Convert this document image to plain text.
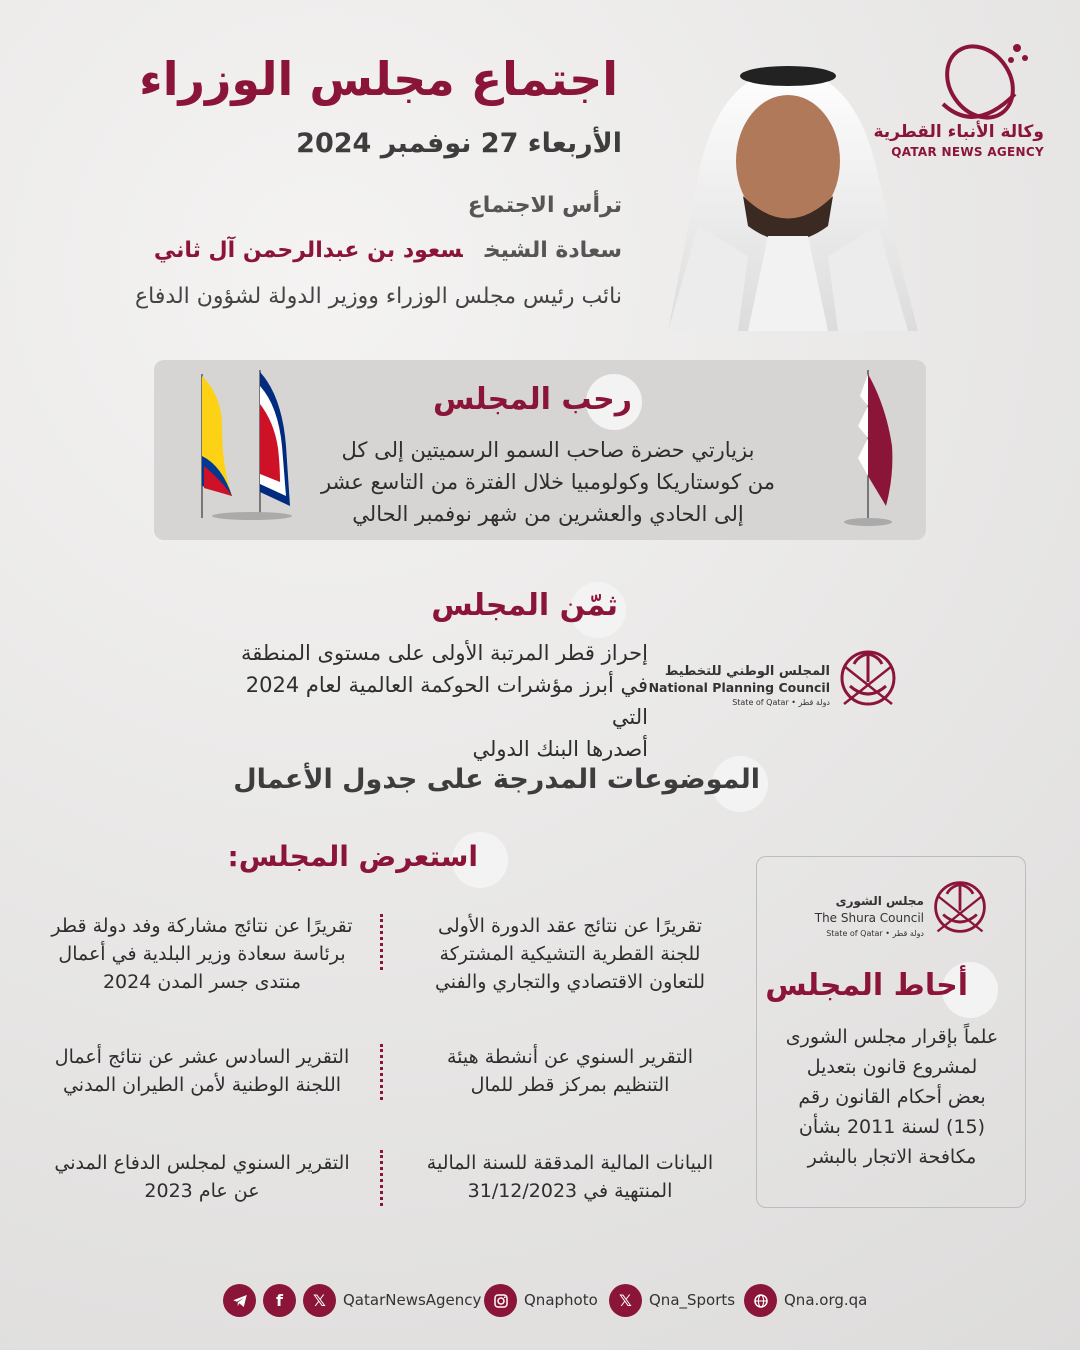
وكالة الأنباء القطرية
QATAR NEWS AGENCY
اجتماع مجلس الوزراء
الأربعاء 27 نوفمبر 2024
ترأس الاجتماع
سعادة الشيخسعود بن عبدالرحمن آل ثاني
نائب رئيس مجلس الوزراء ووزير الدولة لشؤون الدفاع
رحب المجلس
بزيارتي حضرة صاحب السمو الرسميتين إلى كل
من كوستاريكا وكولومبيا خلال الفترة من التاسع عشر
إلى الحادي والعشرين من شهر نوفمبر الحالي
ثمّن المجلس
إحراز قطر المرتبة الأولى على مستوى المنطقة
في أبرز مؤشرات الحوكمة العالمية لعام 2024 التي
أصدرها البنك الدولي
المجلس الوطني للتخطيط
National Planning Council
State of Qatar • دولة قطر
الموضوعات المدرجة على جدول الأعمال
استعرض المجلس:
تقريرًا عن نتائج عقد الدورة الأولى
للجنة القطرية التشيكية المشتركة
للتعاون الاقتصادي والتجاري والفني
تقريرًا عن نتائج مشاركة وفد دولة قطر
برئاسة سعادة وزير البلدية في أعمال
منتدى جسر المدن 2024
التقرير السنوي عن أنشطة هيئة
التنظيم بمركز قطر للمال
التقرير السادس عشر عن نتائج أعمال
اللجنة الوطنية لأمن الطيران المدني
البيانات المالية المدققة للسنة المالية
المنتهية في 31/12/2023
التقرير السنوي لمجلس الدفاع المدني
عن عام 2023
مجلس الشورى
The Shura Council
State of Qatar • دولة قطر
أحاط المجلس
علماً بإقرار مجلس الشورى
لمشروع قانون بتعديل
بعض أحكام القانون رقم
(15) لسنة 2011 بشأن
مكافحة الاتجار بالبشر
f	𝕏	QatarNewsAgency	Qnaphoto	𝕏	Qna_Sports	Qna.org.qa
